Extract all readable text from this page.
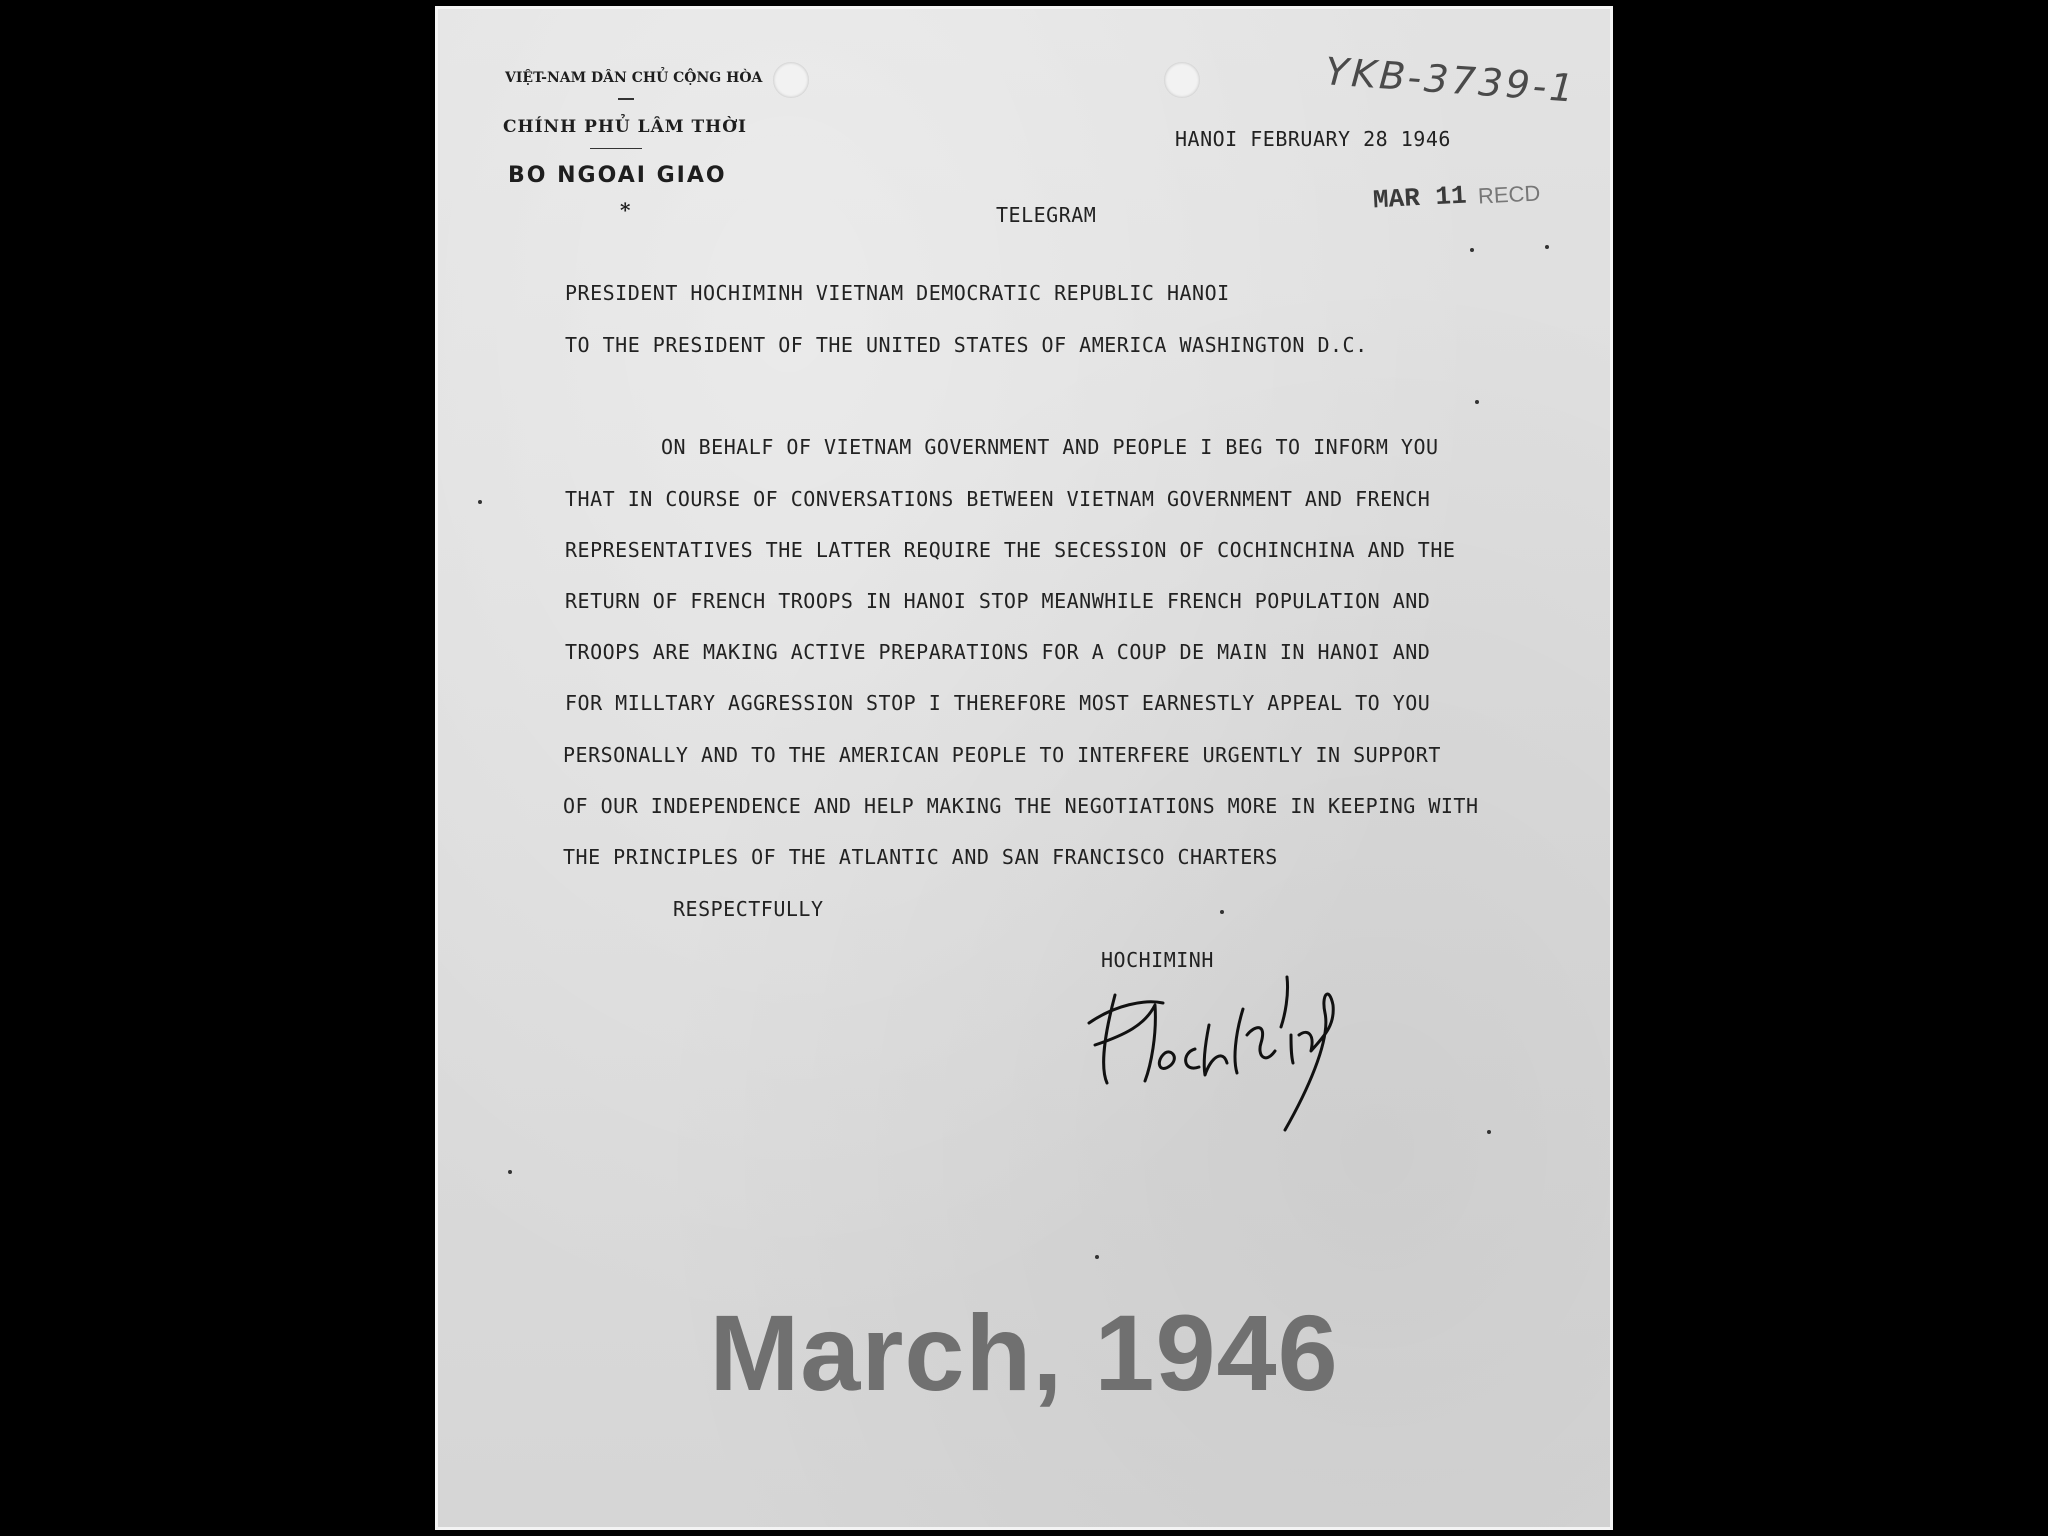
VIỆT-NAM DÂN CHỦ CỘNG HÒA
CHÍNH PHỦ LÂM THỜI
BO NGOAI GIAO
*
YKB-3739-1
MAR 11 RECD
HANOI FEBRUARY 28 1946
TELEGRAM
PRESIDENT HOCHIMINH VIETNAM DEMOCRATIC REPUBLIC HANOI
TO THE PRESIDENT OF THE UNITED STATES OF AMERICA WASHINGTON D.C.
ON BEHALF OF VIETNAM GOVERNMENT AND PEOPLE I BEG TO INFORM YOU
THAT IN COURSE OF CONVERSATIONS BETWEEN VIETNAM GOVERNMENT AND FRENCH
REPRESENTATIVES THE LATTER REQUIRE THE SECESSION OF COCHINCHINA AND THE
RETURN OF FRENCH TROOPS IN HANOI STOP MEANWHILE FRENCH POPULATION AND
TROOPS ARE MAKING ACTIVE PREPARATIONS FOR A COUP DE MAIN IN HANOI AND
FOR MILLTARY AGGRESSION STOP I THEREFORE MOST EARNESTLY APPEAL TO YOU
PERSONALLY AND TO THE AMERICAN PEOPLE TO INTERFERE URGENTLY IN SUPPORT
OF OUR INDEPENDENCE AND HELP MAKING THE NEGOTIATIONS MORE IN KEEPING WITH
THE PRINCIPLES OF THE ATLANTIC AND SAN FRANCISCO CHARTERS
RESPECTFULLY
HOCHIMINH
March, 1946
